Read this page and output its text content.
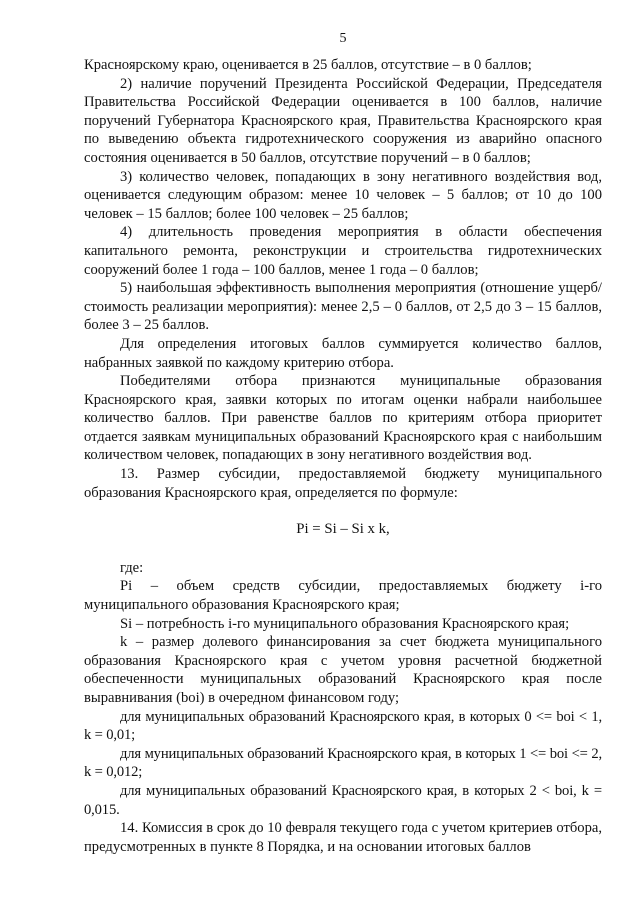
5

Красноярскому краю, оценивается в 25 баллов, отсутствие – в 0 баллов;

2) наличие поручений Президента Российской Федерации, Председателя Правительства Российской Федерации оценивается в 100 баллов, наличие поручений Губернатора Красноярского края, Правительства Красноярского края по выведению объекта гидротехнического сооружения из аварийно опасного состояния оценивается в 50 баллов, отсутствие поручений – в 0 баллов;

3) количество человек, попадающих в зону негативного воздействия вод, оценивается следующим образом: менее 10 человек – 5 баллов; от 10 до 100 человек – 15 баллов; более 100 человек – 25 баллов;

4) длительность проведения мероприятия в области обеспечения капитального ремонта, реконструкции и строительства гидротехнических сооружений более 1 года – 100 баллов, менее 1 года – 0 баллов;

5) наибольшая эффективность выполнения мероприятия (отношение ущерб/стоимость реализации мероприятия): менее 2,5 – 0 баллов, от 2,5 до 3 – 15 баллов, более 3 – 25 баллов.

Для определения итоговых баллов суммируется количество баллов, набранных заявкой по каждому критерию отбора.

Победителями отбора признаются муниципальные образования Красноярского края, заявки которых по итогам оценки набрали наибольшее количество баллов. При равенстве баллов по критериям отбора приоритет отдается заявкам муниципальных образований Красноярского края с наибольшим количеством человек, попадающих в зону негативного воздействия вод.

13. Размер субсидии, предоставляемой бюджету муниципального образования Красноярского края, определяется по формуле:

Pi = Si – Si x k,

где:

Pi – объем средств субсидии, предоставляемых бюджету i-го муниципального образования Красноярского края;

Si – потребность i-го муниципального образования Красноярского края;

k – размер долевого финансирования за счет бюджета муниципального образования Красноярского края с учетом уровня расчетной бюджетной обеспеченности муниципальных образований Красноярского края после выравнивания (boi) в очередном финансовом году;

для муниципальных образований Красноярского края, в которых 0 <= boi < 1, k = 0,01;

для муниципальных образований Красноярского края, в которых 1 <= boi <= 2, k = 0,012;

для муниципальных образований Красноярского края, в которых 2 < boi, k = 0,015.

14. Комиссия в срок до 10 февраля текущего года с учетом критериев отбора, предусмотренных в пункте 8 Порядка, и на основании итоговых баллов
